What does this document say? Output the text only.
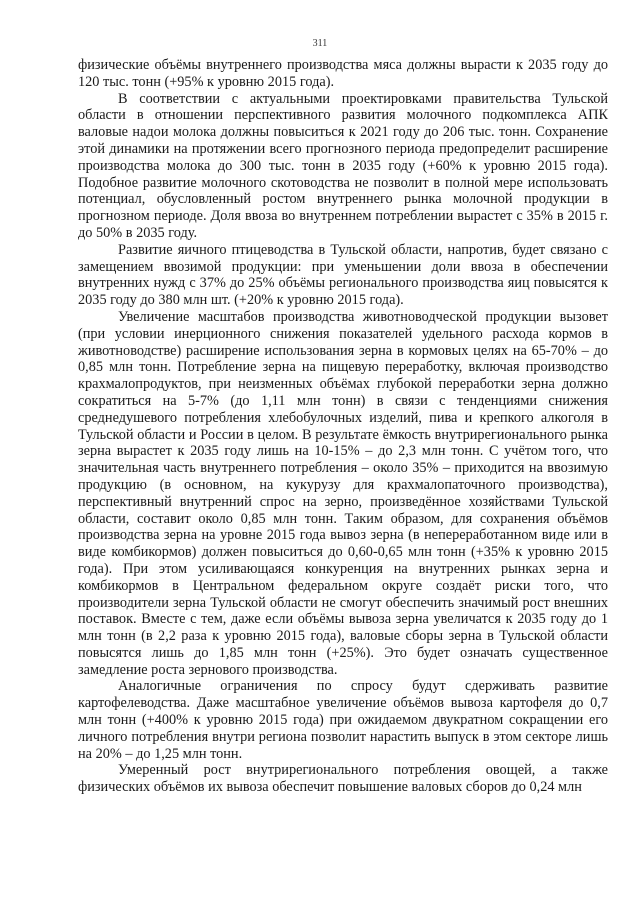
311

физические объёмы внутреннего производства мяса должны вырасти к 2035 году до 120 тыс. тонн (+95% к уровню 2015 года).

В соответствии с актуальными проектировками правительства Тульской области в отношении перспективного развития молочного подкомплекса АПК валовые надои молока должны повыситься к 2021 году до 206 тыс. тонн. Сохранение этой динамики на протяжении всего прогнозного периода предопределит расширение производства молока до 300 тыс. тонн в 2035 году (+60% к уровню 2015 года). Подобное развитие молочного скотоводства не позволит в полной мере использовать потенциал, обусловленный ростом внутреннего рынка молочной продукции в прогнозном периоде. Доля ввоза во внутреннем потреблении вырастет с 35% в 2015 г. до 50% в 2035 году.

Развитие яичного птицеводства в Тульской области, напротив, будет связано с замещением ввозимой продукции: при уменьшении доли ввоза в обеспечении внутренних нужд с 37% до 25% объёмы регионального производства яиц повысятся к 2035 году до 380 млн шт. (+20% к уровню 2015 года).

Увеличение масштабов производства животноводческой продукции вызовет (при условии инерционного снижения показателей удельного расхода кормов в животноводстве) расширение использования зерна в кормовых целях на 65-70% – до 0,85 млн тонн. Потребление зерна на пищевую переработку, включая производство крахмалопродуктов, при неизменных объёмах глубокой переработки зерна должно сократиться на 5-7% (до 1,11 млн тонн) в связи с тенденциями снижения среднедушевого потребления хлебобулочных изделий, пива и крепкого алкоголя в Тульской области и России в целом. В результате ёмкость внутрирегионального рынка зерна вырастет к 2035 году лишь на 10-15% – до 2,3 млн тонн. С учётом того, что значительная часть внутреннего потребления – около 35% – приходится на ввозимую продукцию (в основном, на кукурузу для крахмалопаточного производства), перспективный внутренний спрос на зерно, произведённое хозяйствами Тульской области, составит около 0,85 млн тонн. Таким образом, для сохранения объёмов производства зерна на уровне 2015 года вывоз зерна (в непереработанном виде или в виде комбикормов) должен повыситься до 0,60-0,65 млн тонн (+35% к уровню 2015 года). При этом усиливающаяся конкуренция на внутренних рынках зерна и комбикормов в Центральном федеральном округе создаёт риски того, что производители зерна Тульской области не смогут обеспечить значимый рост внешних поставок. Вместе с тем, даже если объёмы вывоза зерна увеличатся к 2035 году до 1 млн тонн (в 2,2 раза к уровню 2015 года), валовые сборы зерна в Тульской области повысятся лишь до 1,85 млн тонн (+25%). Это будет означать существенное замедление роста зернового производства.

Аналогичные ограничения по спросу будут сдерживать развитие картофелеводства. Даже масштабное увеличение объёмов вывоза картофеля до 0,7 млн тонн (+400% к уровню 2015 года) при ожидаемом двукратном сокращении его личного потребления внутри региона позволит нарастить выпуск в этом секторе лишь на 20% – до 1,25 млн тонн.

Умеренный рост внутрирегионального потребления овощей, а также физических объёмов их вывоза обеспечит повышение валовых сборов до 0,24 млн
